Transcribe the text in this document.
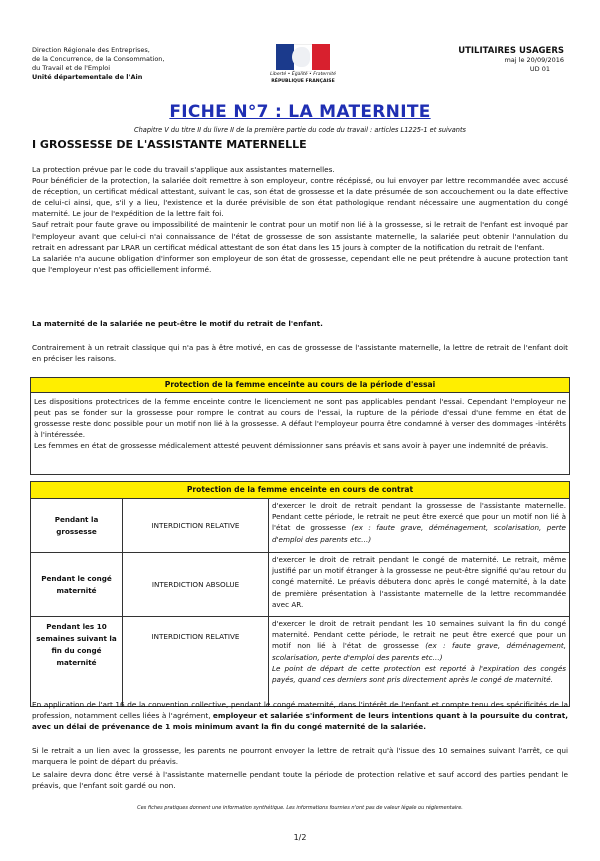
Direction Régionale des Entreprises,
de la Concurrence, de la Consommation,
du Travail et de l'Emploi
Unité départementale de l'Ain	Liberté • Égalité • Fraternité
RÉPUBLIQUE FRANÇAISE
UTILITAIRES USAGERS
maj le 20/09/2016
UD 01
FICHE N°7 : LA MATERNITE
Chapitre V du titre II du livre II de la première partie du code du travail : articles L1225-1 et suivants
I GROSSESSE DE L'ASSISTANTE MATERNELLE
La protection prévue par le code du travail s'applique aux assistantes maternelles.
Pour bénéficier de la protection, la salariée doit remettre à son employeur, contre récépissé, ou lui envoyer par lettre recommandée avec accusé de réception, un certificat médical attestant, suivant le cas, son état de grossesse et la date présumée de son accouchement ou la date effective de celui-ci ainsi, que, s'il y a lieu, l'existence et la durée prévisible de son état pathologique rendant nécessaire une augmentation du congé maternité. Le jour de l'expédition de la lettre fait foi.
Sauf retrait pour faute grave ou impossibilité de maintenir le contrat pour un motif non lié à la grossesse, si le retrait de l'enfant est invoqué par l'employeur avant que celui-ci n'ai connaissance de l'état de grossesse de son assistante maternelle, la salariée peut obtenir l'annulation du retrait en adressant par LRAR un certificat médical attestant de son état dans les 15 jours à compter de la notification du retrait de l'enfant.
La salariée n'a aucune obligation d'informer son employeur de son état de grossesse, cependant elle ne peut prétendre à aucune protection tant que l'employeur n'est pas officiellement informé.
La maternité de la salariée ne peut-être le motif du retrait de l'enfant.
Contrairement à un retrait classique qui n'a pas à être motivé, en cas de grossesse de l'assistante maternelle, la lettre de retrait de l'enfant doit en préciser les raisons.
Protection de la femme enceinte au cours de la période d'essai
Les dispositions protectrices de la femme enceinte contre le licenciement ne sont pas applicables pendant l'essai. Cependant l'employeur ne peut pas se fonder sur la grossesse pour rompre le contrat au cours de l'essai, la rupture de la période d'essai d'une femme en état de grossesse reste donc possible pour un motif non lié à la grossesse. A défaut l'employeur pourra être condamné à verser des dommages -intérêts à l'intéressée.
Les femmes en état de grossesse médicalement attesté peuvent démissionner sans préavis et sans avoir à payer une indemnité de préavis.
Protection de la femme enceinte en cours de contrat		
Pendant la grossesse	INTERDICTION RELATIVE	d'exercer le droit de retrait pendant la grossesse de l'assistante maternelle. Pendant cette période, le retrait ne peut être exercé que pour un motif non lié à l'état de grossesse (ex : faute grave, déménagement, scolarisation, perte d'emploi des parents etc…)
Pendant le congé maternité	INTERDICTION ABSOLUE	d'exercer le droit de retrait pendant le congé de maternité. Le retrait, même justifié par un motif étranger à la grossesse ne peut-être signifié qu'au retour du congé maternité. Le préavis débutera donc après le congé maternité, à la date de première présentation à l'assistante maternelle de la lettre recommandée avec AR.
Pendant les 10 semaines suivant la fin du congé maternité	INTERDICTION RELATIVE	d'exercer le droit de retrait pendant les 10 semaines suivant la fin du congé maternité. Pendant cette période, le retrait ne peut être exercé que pour un motif non lié à l'état de grossesse (ex : faute grave, déménagement, scolarisation, perte d'emploi des parents etc…)
Le point de départ de cette protection est reporté à l'expiration des congés payés, quand ces derniers sont pris directement après le congé de maternité.
En application de l'art 16 de la convention collective, pendant le congé maternité, dans l'intérêt de l'enfant et compte tenu des spécificités de la profession, notamment celles liées à l'agrément, employeur et salariée s'informent de leurs intentions quant à la poursuite du contrat, avec un délai de prévenance de 1 mois minimum avant la fin du congé maternité de la salariée.
Si le retrait a un lien avec la grossesse, les parents ne pourront envoyer la lettre de retrait qu'à l'issue des 10 semaines suivant l'arrêt, ce qui marquera le point de départ du préavis.
Le salaire devra donc être versé à l'assistante maternelle pendant toute la période de protection relative et sauf accord des parties pendant le préavis, que l'enfant soit gardé ou non.
Ces fiches pratiques donnent une information synthétique. Les informations fournies n'ont pas de valeur légale ou réglementaire.
1/2
